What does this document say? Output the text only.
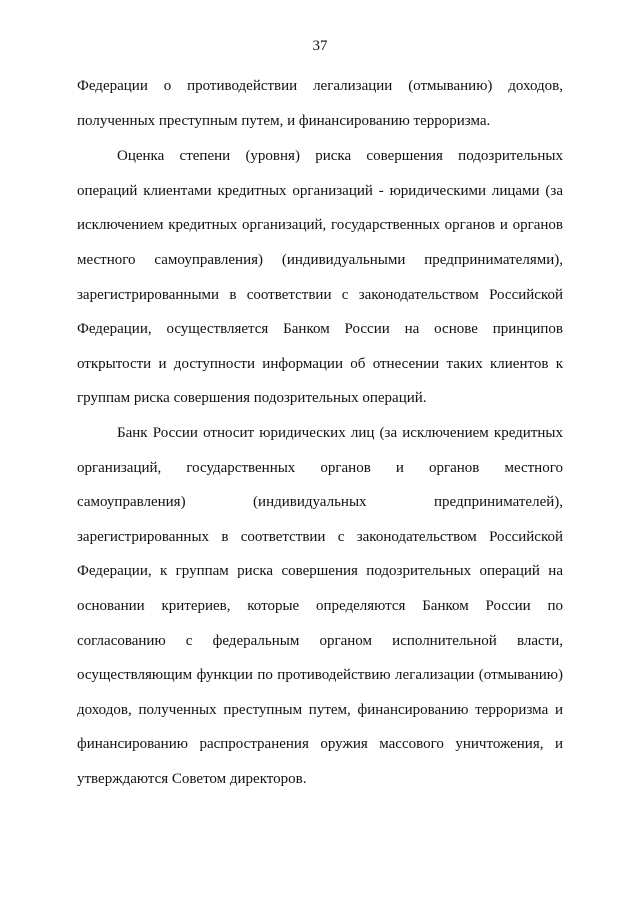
37
Федерации о противодействии легализации (отмыванию) доходов,
полученных преступным путем, и финансированию терроризма.
Оценка степени (уровня) риска совершения подозрительных
операций клиентами кредитных организаций - юридическими лицами (за
исключением кредитных организаций, государственных органов и органов
местного самоуправления) (индивидуальными предпринимателями),
зарегистрированными в соответствии с законодательством Российской
Федерации, осуществляется Банком России на основе принципов
открытости и доступности информации об отнесении таких клиентов к
группам риска совершения подозрительных операций.
Банк России относит юридических лиц (за исключением кредитных
организаций, государственных органов и органов местного
самоуправления) (индивидуальных предпринимателей),
зарегистрированных в соответствии с законодательством Российской
Федерации, к группам риска совершения подозрительных операций на
основании критериев, которые определяются Банком России по
согласованию с федеральным органом исполнительной власти,
осуществляющим функции по противодействию легализации (отмыванию)
доходов, полученных преступным путем, финансированию терроризма и
финансированию распространения оружия массового уничтожения, и
утверждаются Советом директоров.
